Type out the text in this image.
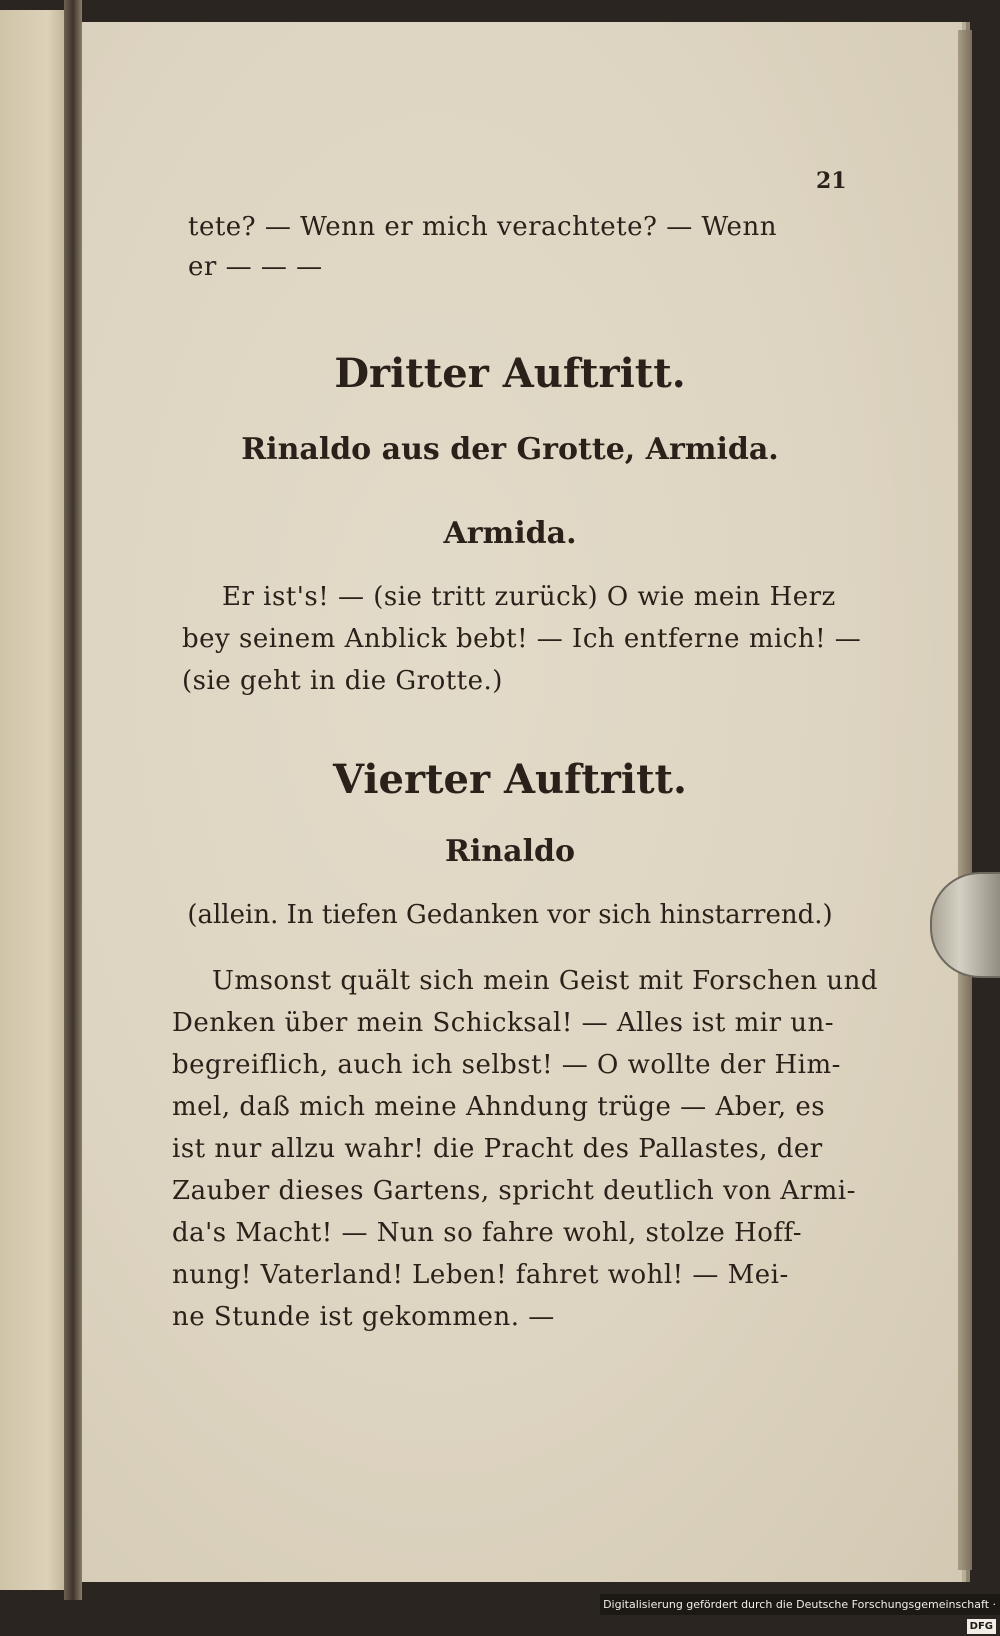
21
tete? — Wenn er mich verachtete? — Wenn
er — — —
Dritter Auftritt.
Rinaldo aus der Grotte, Armida.
Armida.
Er ist's! — (sie tritt zurück) O wie mein Herz
bey seinem Anblick bebt! — Ich entferne mich! —
(sie geht in die Grotte.)
Vierter Auftritt.
Rinaldo
(allein. In tiefen Gedanken vor sich hinstarrend.)
Umsonst quält sich mein Geist mit Forschen und
Denken über mein Schicksal! — Alles ist mir un-
begreiflich, auch ich selbst! — O wollte der Him-
mel, daß mich meine Ahndung trüge — Aber, es
ist nur allzu wahr! die Pracht des Pallastes, der
Zauber dieses Gartens, spricht deutlich von Armi-
da's Macht! — Nun so fahre wohl, stolze Hoff-
nung! Vaterland! Leben! fahret wohl! — Mei-
ne Stunde ist gekommen. —
Digitalisierung gefördert durch die Deutsche Forschungsgemeinschaft ·DFG
